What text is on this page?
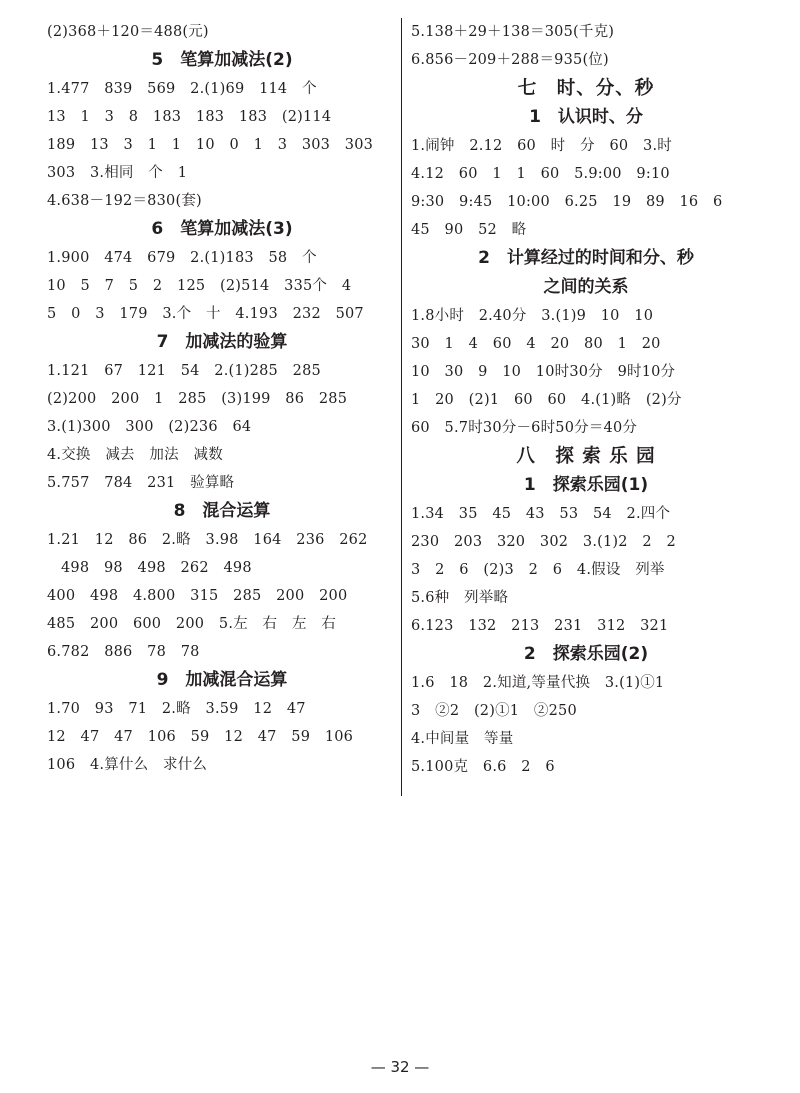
(2)368＋120＝488(元)
5　笔算加减法(2)
1.477　839　569　2.(1)69　114　个
13　1　3　8　183　183　183　(2)114
189　13　3　1　1　10　0　1　3　303　303
303　3.相同　个　1
4.638－192＝830(套)
6　笔算加减法(3)
1.900　474　679　2.(1)183　58　个
10　5　7　5　2　125　(2)514　335个　4
5　0　3　179　3.个　十　4.193　232　507
7　加减法的验算
1.121　67　121　54　2.(1)285　285
(2)200　200　1　285　(3)199　86　285
3.(1)300　300　(2)236　64
4.交换　减去　加法　减数
5.757　784　231　验算略
8　混合运算
1.21　12　86　2.略　3.98　164　236　262
498　98　498　262　498
400　498　4.800　315　285　200　200
485　200　600　200　5.左　右　左　右
6.782　886　78　78
9　加减混合运算
1.70　93　71　2.略　3.59　12　47
12　47　47　106　59　12　47　59　106
106　4.算什么　求什么
5.138＋29＋138＝305(千克)
6.856－209＋288＝935(位)
七　时、分、秒
1　认识时、分
1.闹钟　2.12　60　时　分　60　3.时
4.12　60　1　1　60　5.9:00　9:10
9:30　9:45　10:00　6.25　19　89　16　6
45　90　52　略
2　计算经过的时间和分、秒
之间的关系
1.8小时　2.40分　3.(1)9　10　10
30　1　4　60　4　20　80　1　20
10　30　9　10　10时30分　9时10分
1　20　(2)1　60　60　4.(1)略　(2)分
60　5.7时30分－6时50分＝40分
八　探 索 乐 园
1　探索乐园(1)
1.34　35　45　43　53　54　2.四个
230　203　320　302　3.(1)2　2　2
3　2　6　(2)3　2　6　4.假设　列举
5.6种　列举略
6.123　132　213　231　312　321
2　探索乐园(2)
1.6　18　2.知道,等量代换　3.(1)①1
3　②2　(2)①1　②250
4.中间量　等量
5.100克　6.6　2　6
— 32 —
